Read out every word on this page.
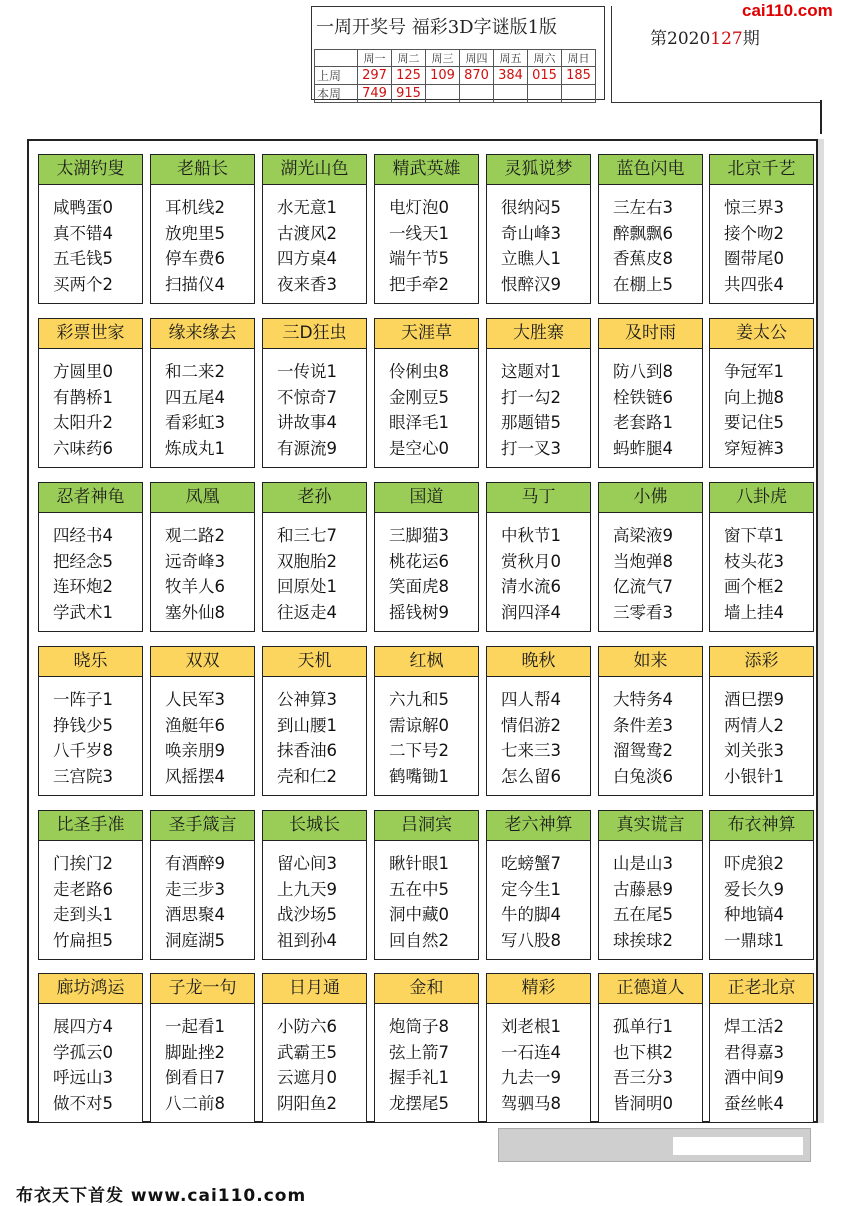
一周开奖号 福彩3D字谜版1版
	周一	周二	周三	周四	周五	周六	周日
上周	297	125	109	870	384	015	185
本周	749	915					
第2020127期
cai110.com
太湖钓叟
咸鸭蛋0
真不错4
五毛钱5
买两个2
老船长
耳机线2
放兜里5
停车费6
扫描仪4
湖光山色
水无意1
古渡风2
四方桌4
夜来香3
精武英雄
电灯泡0
一线天1
端午节5
把手牵2
灵狐说梦
很纳闷5
奇山峰3
立瞧人1
恨醉汉9
蓝色闪电
三左右3
醉飘飘6
香蕉皮8
在棚上5
北京千艺
惊三界3
接个吻2
圈带尾0
共四张4
彩票世家
方圆里0
有鹊桥1
太阳升2
六味药6
缘来缘去
和二来2
四五尾4
看彩虹3
炼成丸1
三D狂虫
一传说1
不惊奇7
讲故事4
有源流9
天涯草
伶俐虫8
金刚豆5
眼泽毛1
是空心0
大胜寨
这题对1
打一勾2
那题错5
打一叉3
及时雨
防八到8
栓铁链6
老套路1
蚂蚱腿4
姜太公
争冠军1
向上抛8
要记住5
穿短裤3
忍者神龟
四经书4
把经念5
连环炮2
学武术1
凤凰
观二路2
远奇峰3
牧羊人6
塞外仙8
老孙
和三七7
双胞胎2
回原处1
往返走4
国道
三脚猫3
桃花运6
笑面虎8
摇钱树9
马丁
中秋节1
赏秋月0
清水流6
润四泽4
小佛
高梁液9
当炮弹8
亿流气7
三零看3
八卦虎
窗下草1
枝头花3
画个框2
墙上挂4
晓乐
一阵子1
挣钱少5
八千岁8
三宫院3
双双
人民军3
渔艇年6
唤亲朋9
风摇摆4
天机
公神算3
到山腰1
抹香油6
壳和仁2
红枫
六九和5
需谅解0
二下号2
鹤嘴锄1
晚秋
四人帮4
情侣游2
七来三3
怎么留6
如来
大特务4
条件差3
溜鸳鸯2
白兔淡6
添彩
酒巳摆9
两情人2
刘关张3
小银针1
比圣手准
门挨门2
走老路6
走到头1
竹扁担5
圣手箴言
有酒醉9
走三步3
酒思聚4
洞庭湖5
长城长
留心间3
上九天9
战沙场5
祖到孙4
吕洞宾
瞅针眼1
五在中5
洞中藏0
回自然2
老六神算
吃螃蟹7
定今生1
牛的脚4
写八股8
真实谎言
山是山3
古藤悬9
五在尾5
球挨球2
布衣神算
吓虎狼2
爱长久9
种地镐4
一鼎球1
廊坊鸿运
展四方4
学孤云0
呼远山3
做不对5
子龙一句
一起看1
脚趾挫2
倒看日7
八二前8
日月通
小防六6
武霸王5
云遮月0
阴阳鱼2
金和
炮筒子8
弦上箭7
握手礼1
龙摆尾5
精彩
刘老根1
一石连4
九去一9
驾驷马8
正德道人
孤单行1
也下棋2
吾三分3
皆洞明0
正老北京
焊工活2
君得嘉3
酒中间9
蚕丝帐4
布衣天下首发 www.cai110.com
